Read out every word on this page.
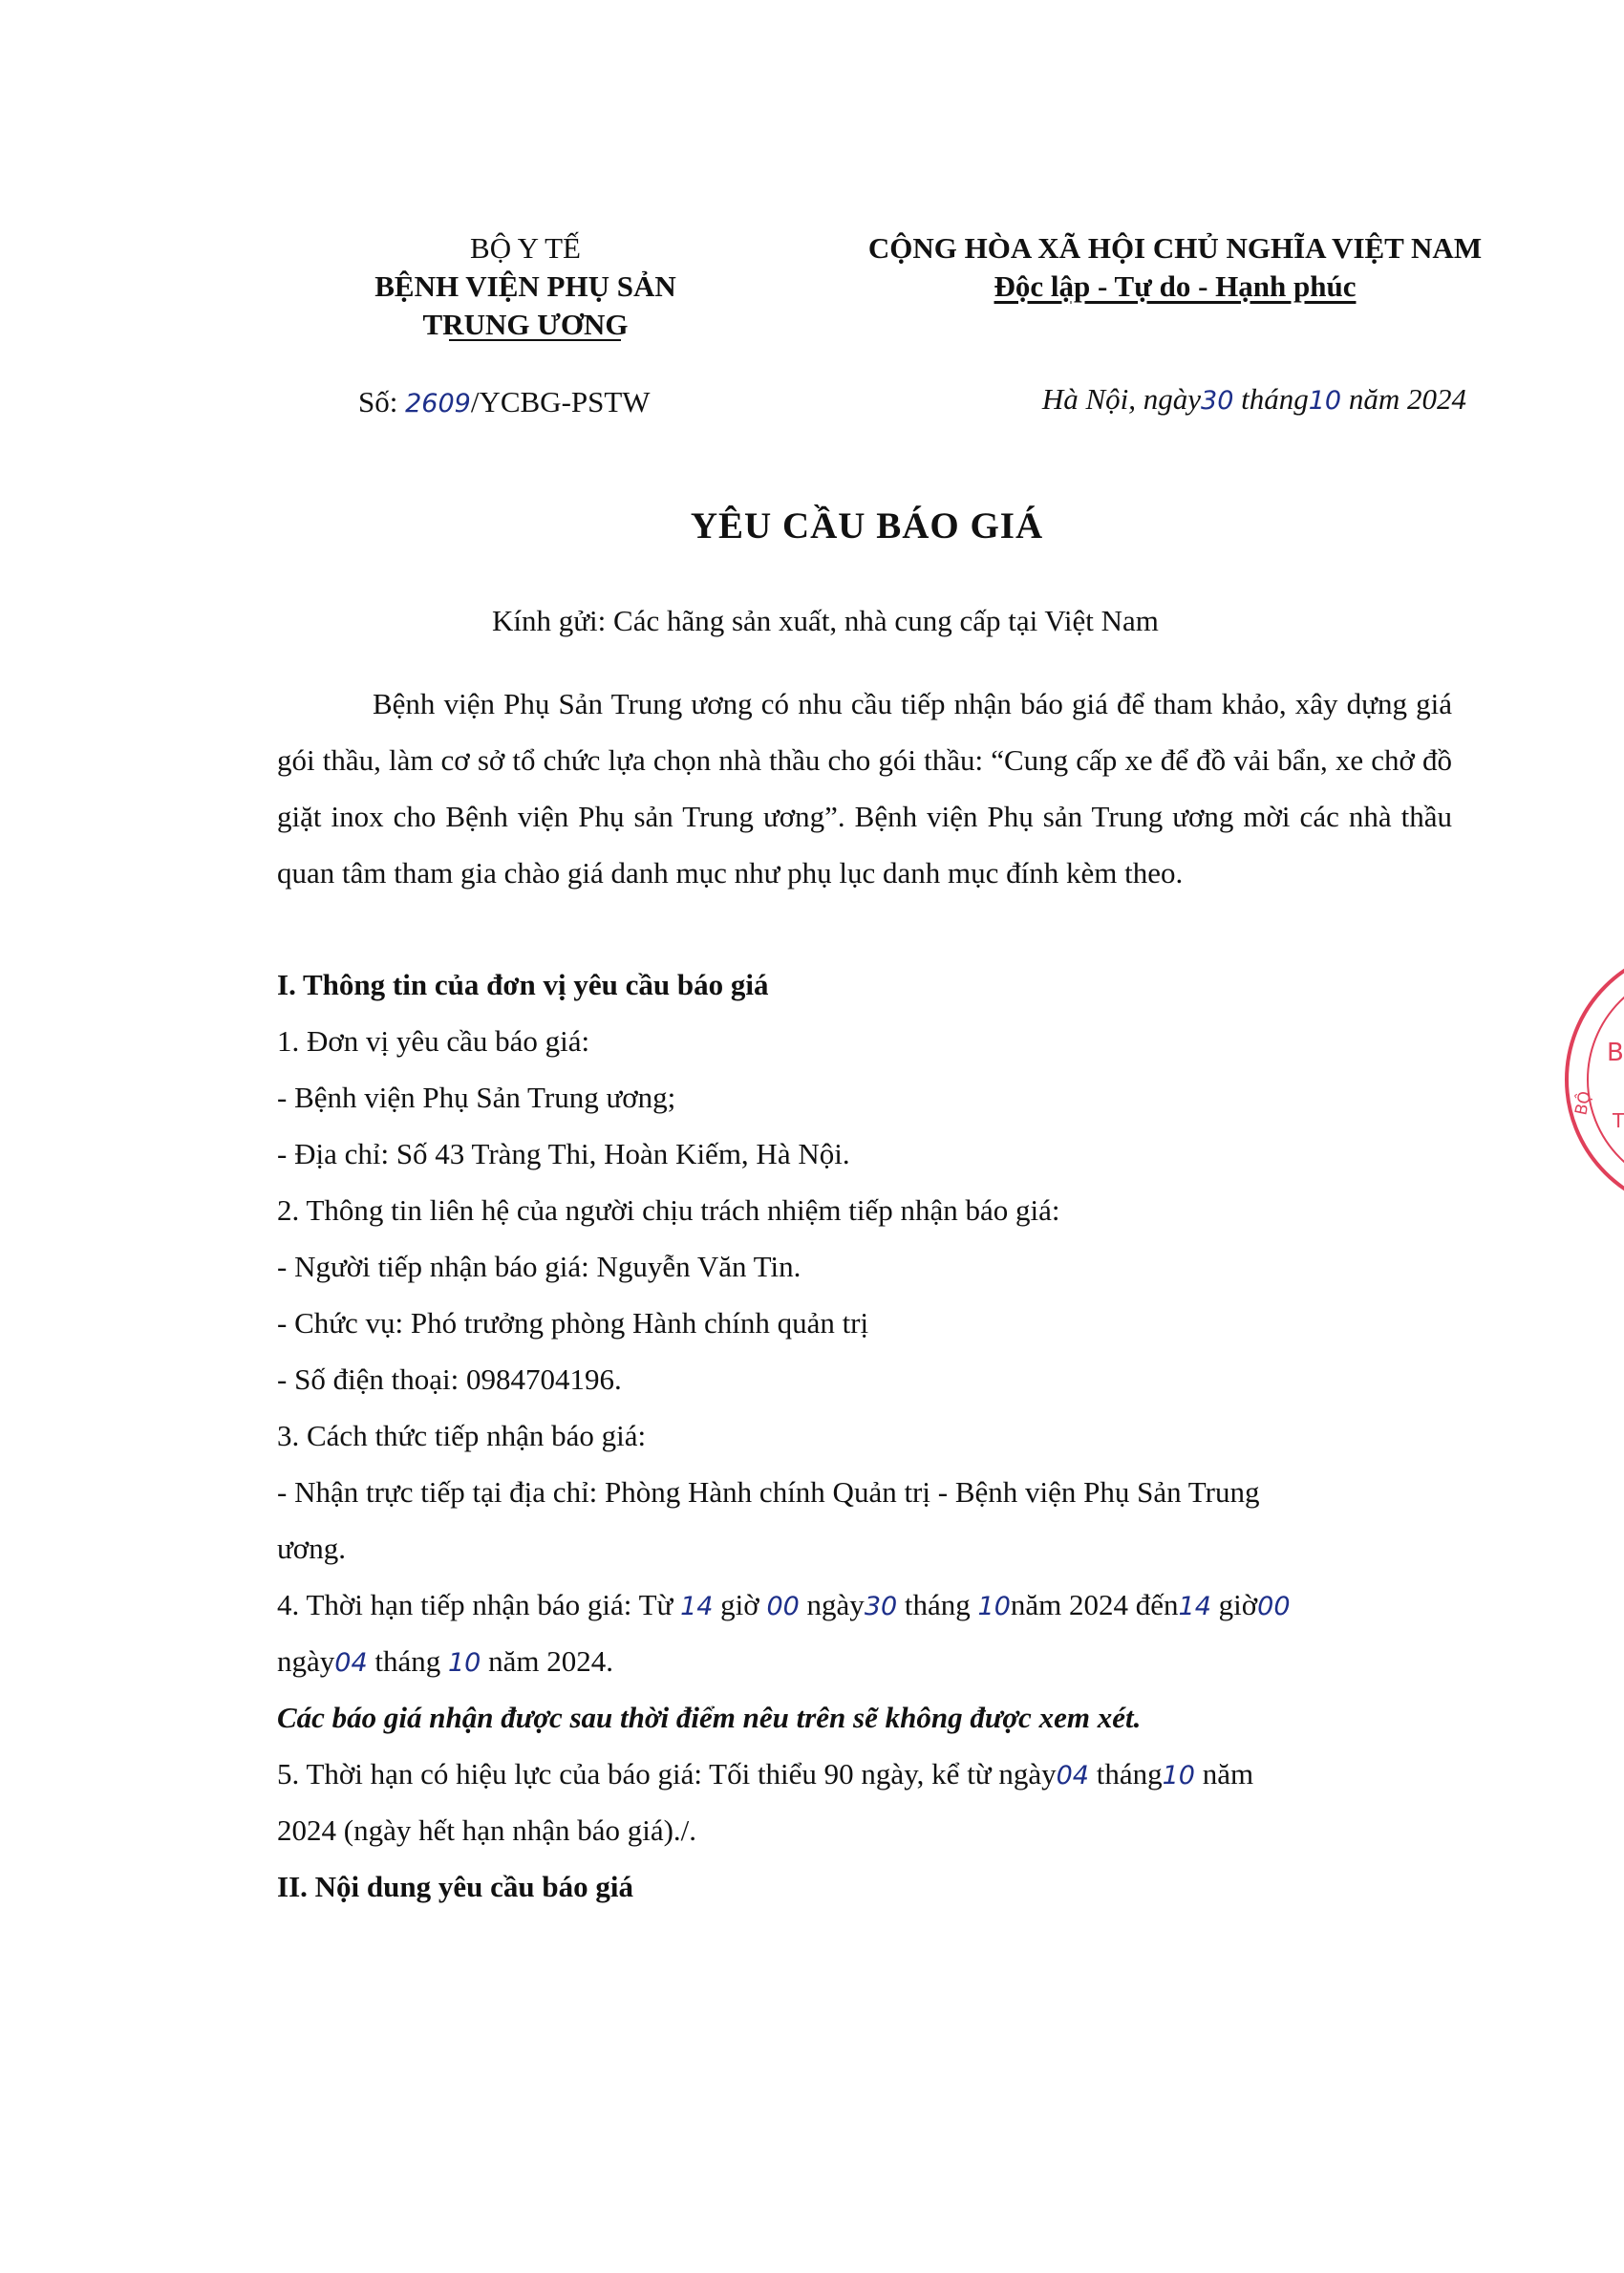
BỘ Y TẾ
BỆNH VIỆN PHỤ SẢN
TRUNG ƯƠNG
CỘNG HÒA XÃ HỘI CHỦ NGHĨA VIỆT NAM
Độc lập - Tự do - Hạnh phúc
Số: 2609/YCBG-PSTW	Hà Nội, ngày30 tháng10 năm 2024
YÊU CẦU BÁO GIÁ
Kính gửi: Các hãng sản xuất, nhà cung cấp tại Việt Nam
Bệnh viện Phụ Sản Trung ương có nhu cầu tiếp nhận báo giá để tham khảo, xây dựng giá gói thầu, làm cơ sở tổ chức lựa chọn nhà thầu cho gói thầu: “Cung cấp xe để đồ vải bẩn, xe chở đồ giặt inox cho Bệnh viện Phụ sản Trung ương”. Bệnh viện Phụ sản Trung ương mời các nhà thầu quan tâm tham gia chào giá danh mục như phụ lục danh mục đính kèm theo.
I. Thông tin của đơn vị yêu cầu báo giá
1. Đơn vị yêu cầu báo giá:
- Bệnh viện Phụ Sản Trung ương;
- Địa chỉ: Số 43 Tràng Thi, Hoàn Kiếm, Hà Nội.
2. Thông tin liên hệ của người chịu trách nhiệm tiếp nhận báo giá:
- Người tiếp nhận báo giá: Nguyễn Văn Tin.
- Chức vụ: Phó trưởng phòng Hành chính quản trị
- Số điện thoại: 0984704196.
3. Cách thức tiếp nhận báo giá:
- Nhận trực tiếp tại địa chỉ: Phòng Hành chính Quản trị - Bệnh viện Phụ Sản Trung
ương.
4. Thời hạn tiếp nhận báo giá: Từ 14 giờ 00 ngày30 tháng 10năm 2024 đến14 giờ00
ngày04 tháng 10 năm 2024.
Các báo giá nhận được sau thời điểm nêu trên sẽ không được xem xét.
5. Thời hạn có hiệu lực của báo giá: Tối thiểu 90 ngày, kể từ ngày04 tháng10 năm
2024 (ngày hết hạn nhận báo giá)./.
II. Nội dung yêu cầu báo giá
B
BỘ
T
